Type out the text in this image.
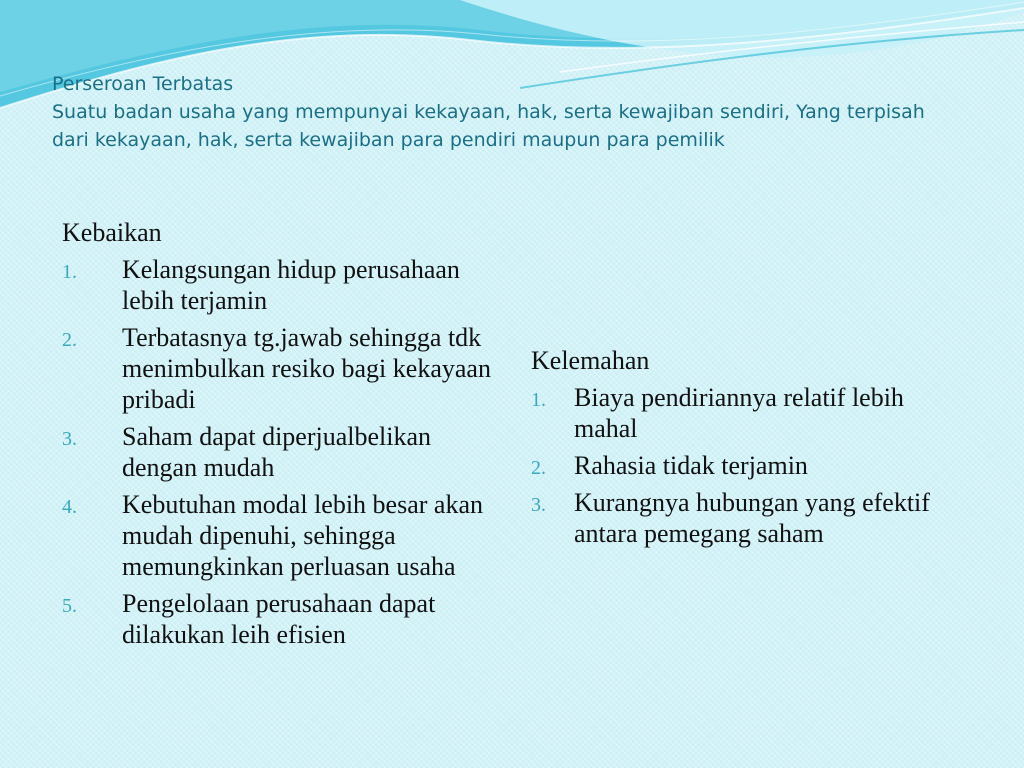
Perseroan Terbatas
Suatu badan usaha yang mempunyai kekayaan, hak, serta kewajiban sendiri, Yang terpisah dari kekayaan, hak, serta kewajiban para pendiri maupun para pemilik
Kebaikan
1. Kelangsungan hidup perusahaan lebih terjamin
2. Terbatasnya tg.jawab sehingga tdk menimbulkan resiko bagi kekayaan pribadi
3. Saham dapat diperjualbelikan dengan mudah
4. Kebutuhan modal lebih besar akan mudah dipenuhi, sehingga memungkinkan perluasan usaha
5. Pengelolaan perusahaan dapat dilakukan leih efisien
Kelemahan
1. Biaya pendiriannya relatif lebih mahal
2. Rahasia tidak terjamin
3. Kurangnya hubungan yang efektif antara pemegang saham
